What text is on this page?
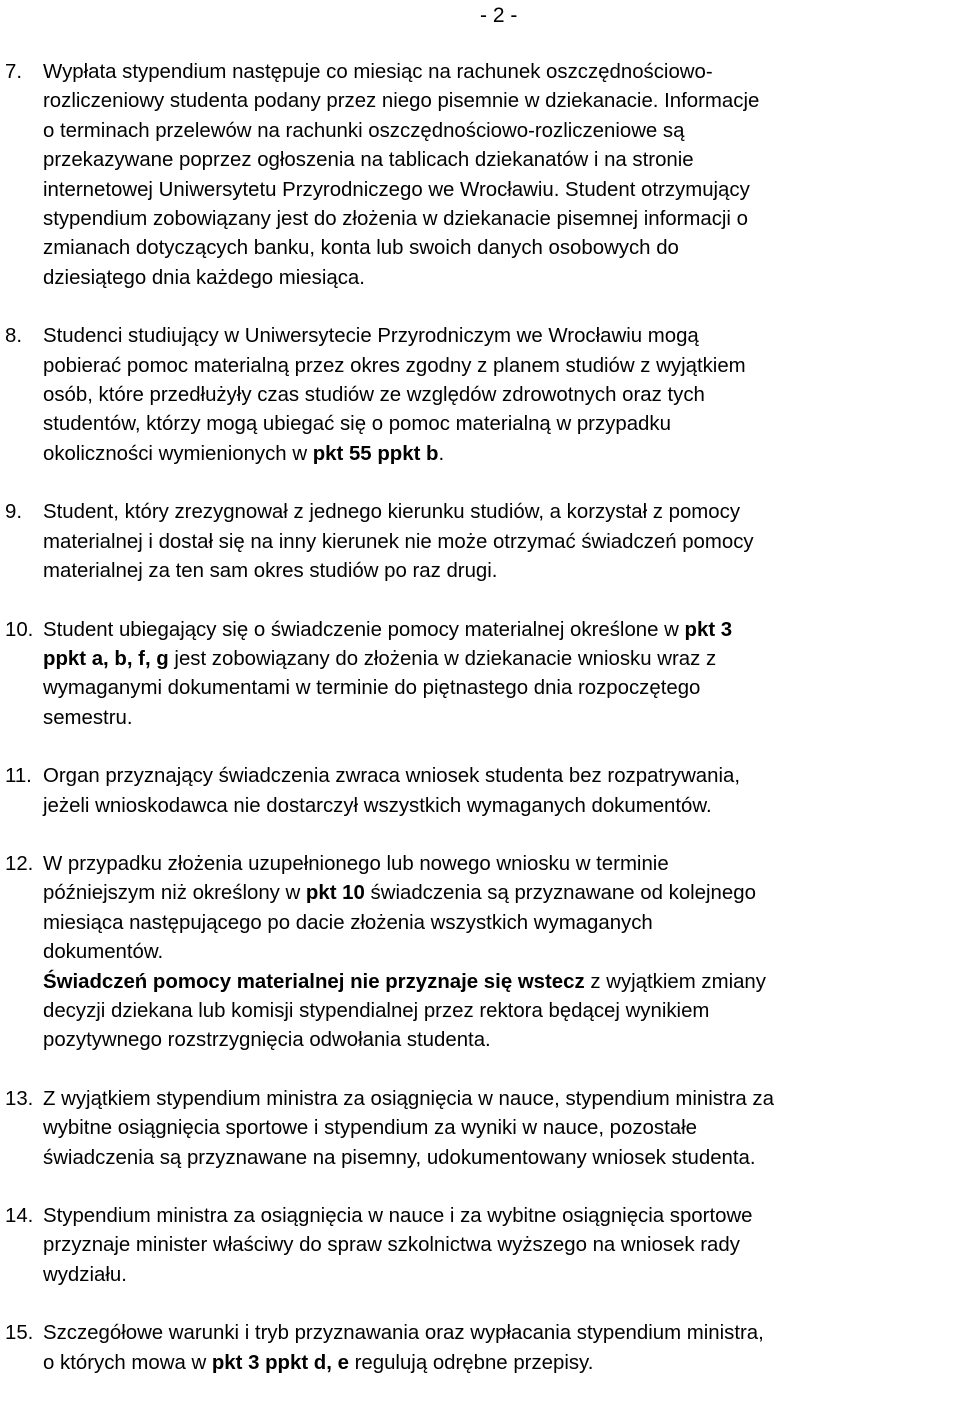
- 2 -
7. Wypłata stypendium następuje co miesiąc na rachunek oszczędnościowo-
rozliczeniowy studenta podany przez niego pisemnie w dziekanacie. Informacje
o terminach przelewów na rachunki oszczędnościowo-rozliczeniowe są
przekazywane poprzez ogłoszenia na tablicach dziekanatów i na stronie
internetowej Uniwersytetu Przyrodniczego we Wrocławiu. Student otrzymujący
stypendium zobowiązany jest do złożenia w dziekanacie pisemnej informacji o
zmianach dotyczących banku, konta lub swoich danych osobowych do
dziesiątego dnia każdego miesiąca.
8. Studenci studiujący w Uniwersytecie Przyrodniczym we Wrocławiu mogą
pobierać pomoc materialną przez okres zgodny z planem studiów z wyjątkiem
osób, które przedłużyły czas studiów ze względów zdrowotnych oraz tych
studentów, którzy mogą ubiegać się o pomoc materialną w przypadku
okoliczności wymienionych w pkt 55 ppkt b.
9. Student, który zrezygnował z jednego kierunku studiów, a korzystał z pomocy
materialnej i dostał się na inny kierunek nie może otrzymać świadczeń pomocy
materialnej za ten sam okres studiów po raz drugi.
10. Student ubiegający się o świadczenie pomocy materialnej określone w pkt 3
ppkt a, b, f, g jest zobowiązany do złożenia w dziekanacie wniosku wraz z
wymaganymi dokumentami w terminie do piętnastego dnia rozpoczętego
semestru.
11. Organ przyznający świadczenia zwraca wniosek studenta bez rozpatrywania,
jeżeli wnioskodawca nie dostarczył wszystkich wymaganych dokumentów.
12. W przypadku złożenia uzupełnionego lub nowego wniosku w terminie
późniejszym niż określony w pkt 10 świadczenia są przyznawane od kolejnego
miesiąca następującego po dacie złożenia wszystkich wymaganych
dokumentów.
Świadczeń pomocy materialnej nie przyznaje się wstecz z wyjątkiem zmiany
decyzji dziekana lub komisji stypendialnej przez rektora będącej wynikiem
pozytywnego rozstrzygnięcia odwołania studenta.
13. Z wyjątkiem stypendium ministra za osiągnięcia w nauce, stypendium ministra za
wybitne osiągnięcia sportowe i stypendium za wyniki w nauce, pozostałe
świadczenia są przyznawane na pisemny, udokumentowany wniosek studenta.
14. Stypendium ministra za osiągnięcia w nauce i za wybitne osiągnięcia sportowe
przyznaje minister właściwy do spraw szkolnictwa wyższego na wniosek rady
wydziału.
15. Szczegółowe warunki i tryb przyznawania oraz wypłacania stypendium ministra,
o których mowa w pkt 3 ppkt d, e regulują odrębne przepisy.
